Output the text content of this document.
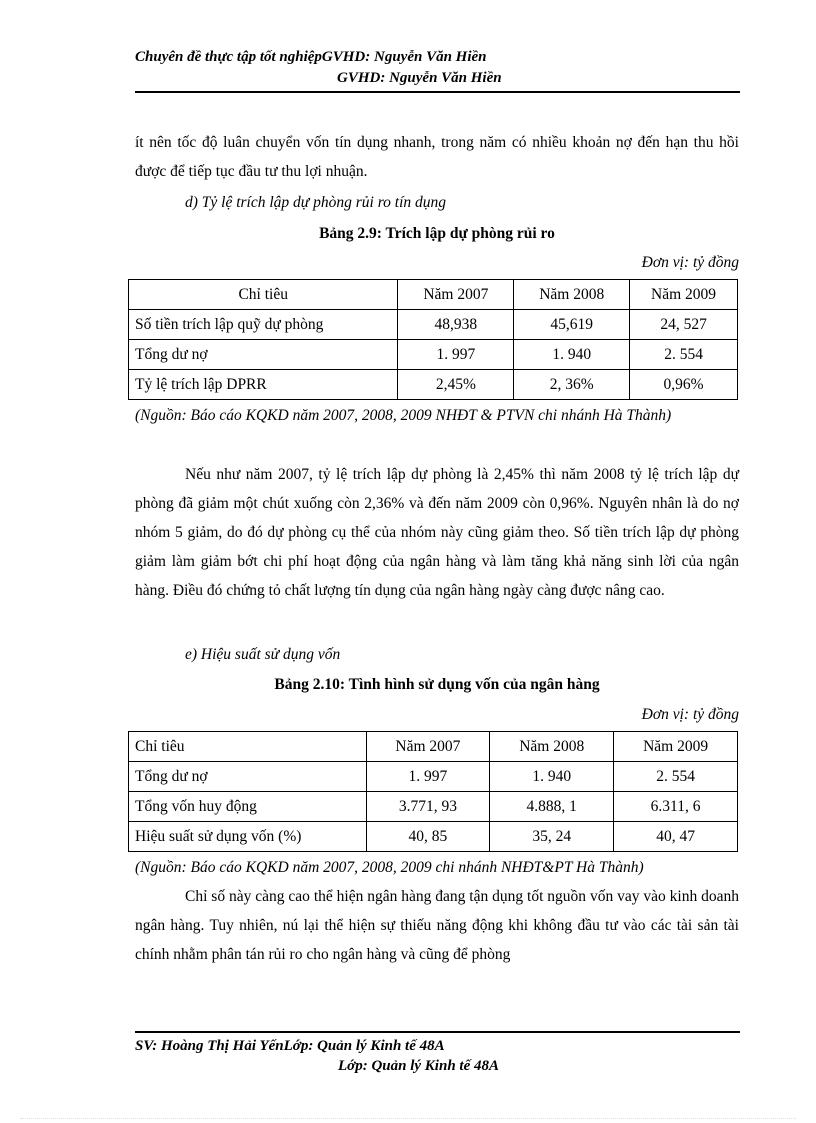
Chuyên đề thực tập tốt nghiệpGVHD: Nguyễn Văn Hiền
GVHD: Nguyễn Văn Hiền
ít nên tốc độ luân chuyển vốn tín dụng nhanh, trong năm có nhiều khoản nợ đến hạn thu hồi được để tiếp tục đầu tư thu lợi nhuận.
d) Tỷ lệ trích lập dự phòng rủi ro tín dụng
Bảng 2.9: Trích lập dự phòng rủi ro
Đơn vị: tỷ đồng
Chỉ tiêu	Năm 2007	Năm 2008	Năm 2009
Số tiền trích lập quỹ dự phòng	48,938	45,619	24, 527
Tổng dư nợ	1. 997	1. 940	2. 554
Tỷ lệ trích lập DPRR	2,45%	2, 36%	0,96%
(Nguồn: Báo cáo KQKD năm 2007, 2008, 2009 NHĐT & PTVN chi nhánh Hà Thành)
Nếu như năm 2007, tỷ lệ trích lập dự phòng là 2,45% thì năm 2008 tỷ lệ trích lập dự phòng đã giảm một chút xuống còn 2,36% và đến năm 2009 còn 0,96%. Nguyên nhân là do nợ nhóm 5 giảm, do đó dự phòng cụ thể của nhóm này cũng giảm theo. Số tiền trích lập dự phòng giảm làm giảm bớt chi phí hoạt động của ngân hàng và làm tăng khả năng sinh lời của ngân hàng. Điều đó chứng tỏ chất lượng tín dụng của ngân hàng ngày càng được nâng cao.
e) Hiệu suất sử dụng vốn
Bảng 2.10: Tình hình sử dụng vốn của ngân hàng
Đơn vị: tỷ đồng
Chỉ tiêu	Năm 2007	Năm 2008	Năm 2009
Tổng dư nợ	1. 997	1. 940	2. 554
Tổng vốn huy động	3.771, 93	4.888, 1	6.311, 6
Hiệu suất sử dụng vốn (%)	40, 85	35, 24	40, 47
(Nguồn: Báo cáo KQKD năm 2007, 2008, 2009 chi nhánh NHĐT&PT Hà Thành)
Chỉ số này càng cao thể hiện ngân hàng đang tận dụng tốt nguồn vốn vay vào kinh doanh ngân hàng. Tuy nhiên, nú lại thể hiện sự thiếu năng động khi không đầu tư vào các tài sản tài chính nhằm phân tán rủi ro cho ngân hàng và cũng để phòng
SV: Hoàng Thị Hải YếnLớp: Quản lý Kinh tế 48A
Lớp: Quản lý Kinh tế 48A
